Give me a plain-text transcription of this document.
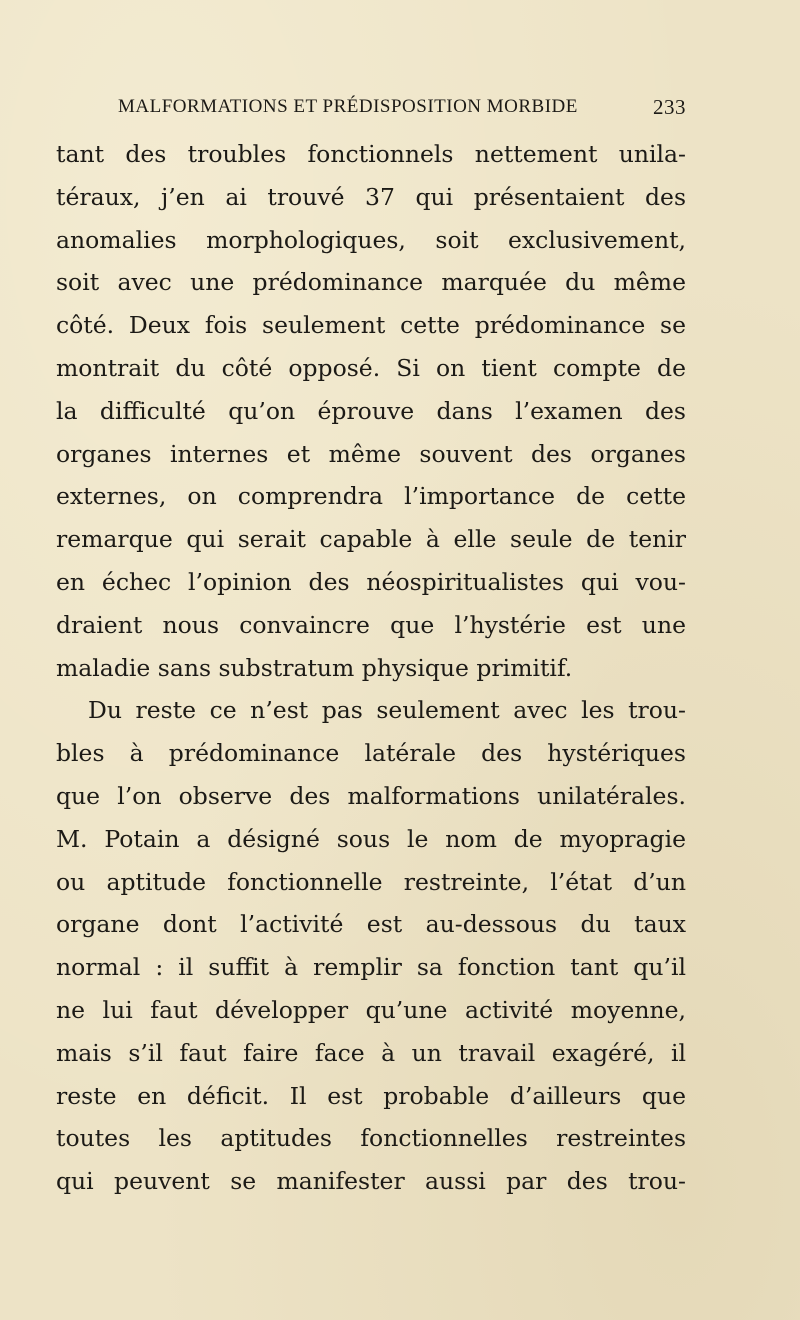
MALFORMATIONS ET PRÉDISPOSITION MORBIDE	233
tant des troubles fonctionnels nettement unila-
téraux, j’en ai trouvé 37 qui présentaient des
anomalies morphologiques, soit exclusivement,
soit avec une prédominance marquée du même
côté. Deux fois seulement cette prédominance se
montrait du côté opposé. Si on tient compte de
la difficulté qu’on éprouve dans l’examen des
organes internes et même souvent des organes
externes, on comprendra l’importance de cette
remarque qui serait capable à elle seule de tenir
en échec l’opinion des néospiritualistes qui vou-
draient nous convaincre que l’hystérie est une
maladie sans substratum physique primitif.
Du reste ce n’est pas seulement avec les trou-
bles à prédominance latérale des hystériques
que l’on observe des malformations unilatérales.
M. Potain a désigné sous le nom de myopragie
ou aptitude fonctionnelle restreinte, l’état d’un
organe dont l’activité est au-dessous du taux
normal : il suffit à remplir sa fonction tant qu’il
ne lui faut développer qu’une activité moyenne,
mais s’il faut faire face à un travail exagéré, il
reste en déficit. Il est probable d’ailleurs que
toutes les aptitudes fonctionnelles restreintes
qui peuvent se manifester aussi par des trou-
